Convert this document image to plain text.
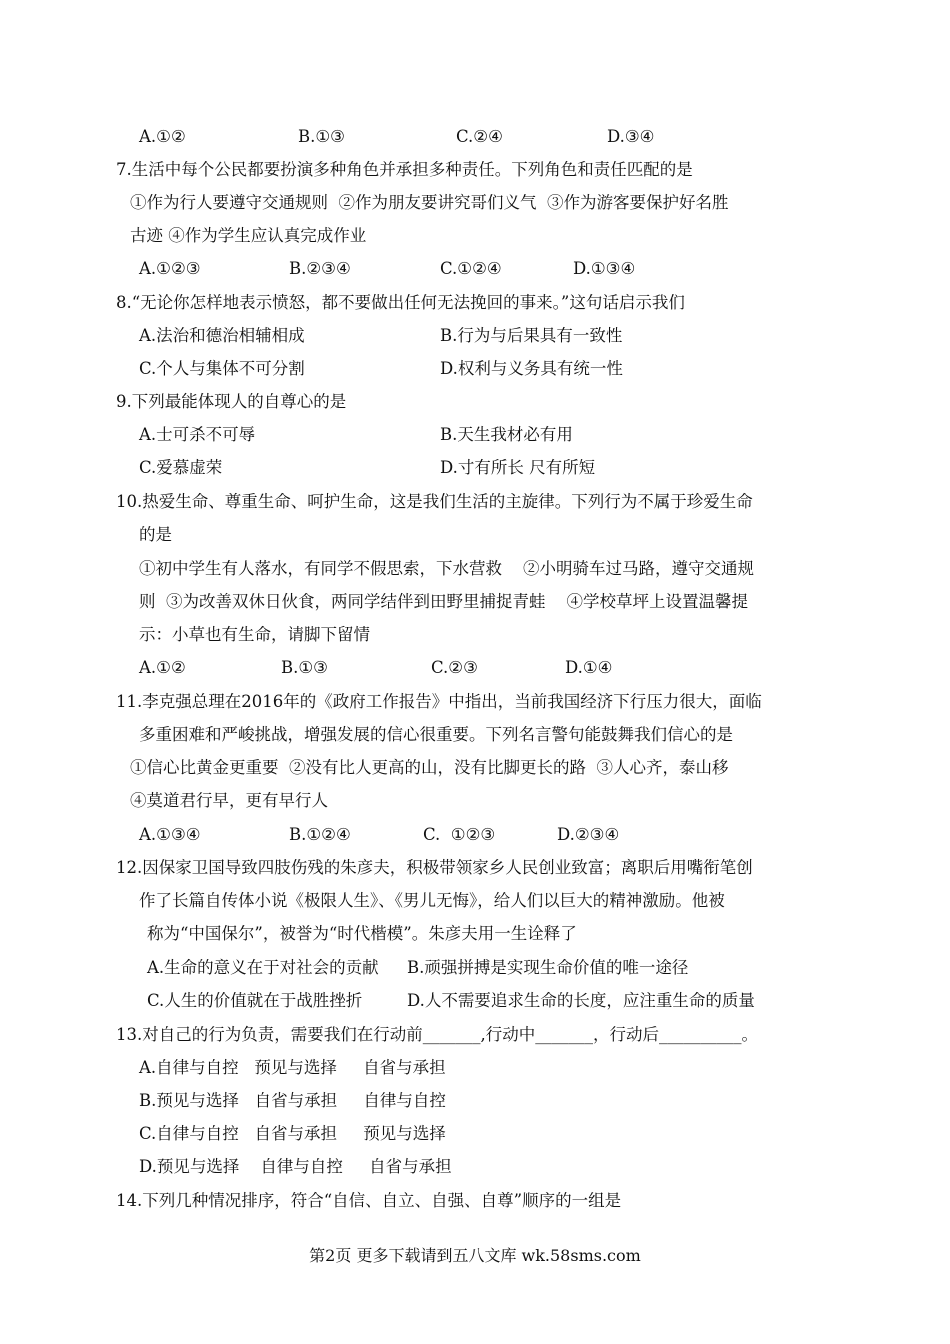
A.①②	B.①③	C.②④	D.③④
7.生活中每个公民都要扮演多种角色并承担多种责任。下列角色和责任匹配的是
①作为行人要遵守交通规则  ②作为朋友要讲究哥们义气  ③作为游客要保护好名胜
古迹 ④作为学生应认真完成作业
A.①②③	B.②③④	C.①②④	D.①③④
8.“无论你怎样地表示愤怒，都不要做出任何无法挽回的事来。”这句话启示我们
A.法治和德治相辅相成	B.行为与后果具有一致性
C.个人与集体不可分割	D.权利与义务具有统一性
9.下列最能体现人的自尊心的是
A.士可杀不可辱	B.天生我材必有用
C.爱慕虚荣	D.寸有所长 尺有所短
10.热爱生命、尊重生命、呵护生命，这是我们生活的主旋律。下列行为不属于珍爱生命
的是
①初中学生有人落水，有同学不假思索，下水营救    ②小明骑车过马路，遵守交通规
则  ③为改善双休日伙食，两同学结伴到田野里捕捉青蛙    ④学校草坪上设置温馨提
示：小草也有生命，请脚下留情
A.①②	B.①③	C.②③	D.①④
11.李克强总理在2016年的《政府工作报告》中指出，当前我国经济下行压力很大，面临
多重困难和严峻挑战，增强发展的信心很重要。下列名言警句能鼓舞我们信心的是
①信心比黄金更重要  ②没有比人更高的山，没有比脚更长的路  ③人心齐，泰山移
④莫道君行早，更有早行人
A.①③④	B.①②④	C.  ①②③	D.②③④
12.因保家卫国导致四肢伤残的朱彦夫，积极带领家乡人民创业致富；离职后用嘴衔笔创
作了长篇自传体小说《极限人生》、《男儿无悔》，给人们以巨大的精神激励。他被
称为“中国保尔”，被誉为“时代楷模”。朱彦夫用一生诠释了
A.生命的意义在于对社会的贡献 B.顽强拼搏是实现生命价值的唯一途径
C.人生的价值就在于战胜挫折	D.人不需要追求生命的长度，应注重生命的质量
13.对自己的行为负责，需要我们在行动前_______,行动中_______，行动后__________。
A.自律与自控   预见与选择     自省与承担
B.预见与选择   自省与承担     自律与自控
C.自律与自控   自省与承担     预见与选择
D.预见与选择    自律与自控     自省与承担
14.下列几种情况排序，符合“自信、自立、自强、自尊”顺序的一组是
第2页 更多下载请到五八文库 wk.58sms.com
